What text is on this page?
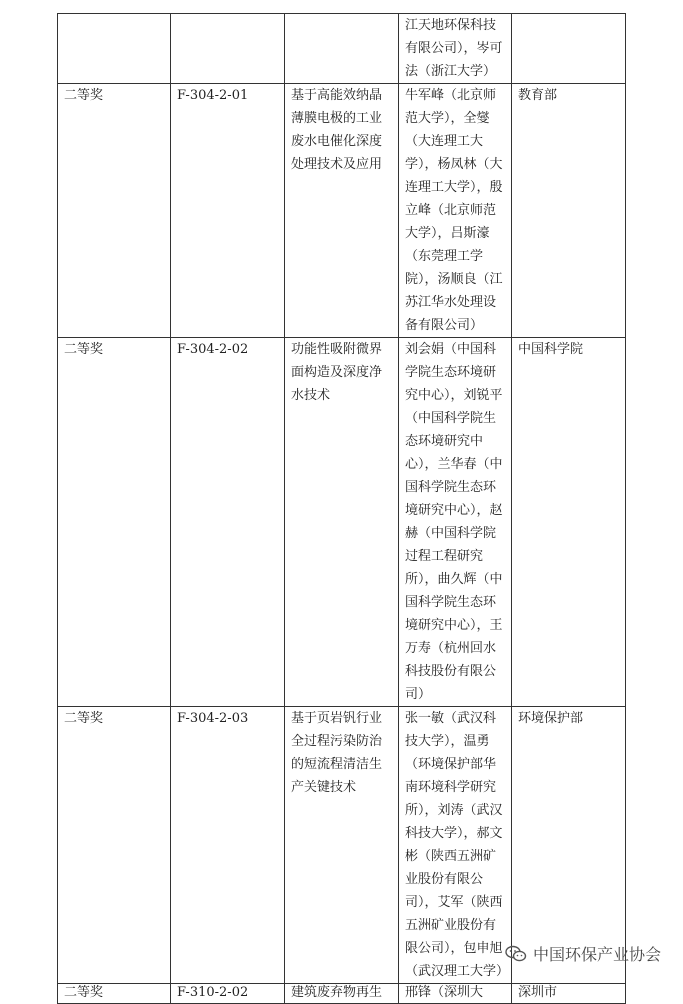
			江天地环保科技有限公司），岑可法（浙江大学）	
二等奖	F-304-2-01	基于高能效纳晶薄膜电极的工业废水电催化深度处理技术及应用	牛军峰（北京师范大学），全燮（大连理工大学），杨凤林（大连理工大学），殷立峰（北京师范大学），吕斯濠（东莞理工学院），汤顺良（江苏江华水处理设备有限公司）	教育部
二等奖	F-304-2-02	功能性吸附微界面构造及深度净水技术	刘会娟（中国科学院生态环境研究中心），刘锐平（中国科学院生态环境研究中心），兰华春（中国科学院生态环境研究中心），赵赫（中国科学院过程工程研究所），曲久辉（中国科学院生态环境研究中心），王万寿（杭州回水科技股份有限公司）	中国科学院
二等奖	F-304-2-03	基于页岩钒行业全过程污染防治的短流程清洁生产关键技术	张一敏（武汉科技大学），温勇（环境保护部华南环境科学研究所），刘涛（武汉科技大学），郝文彬（陕西五洲矿业股份有限公司），艾军（陕西五洲矿业股份有限公司），包申旭（武汉理工大学）	环境保护部
二等奖	F-310-2-02	建筑废弃物再生	邢锋（深圳大	深圳市
中国环保产业协会
